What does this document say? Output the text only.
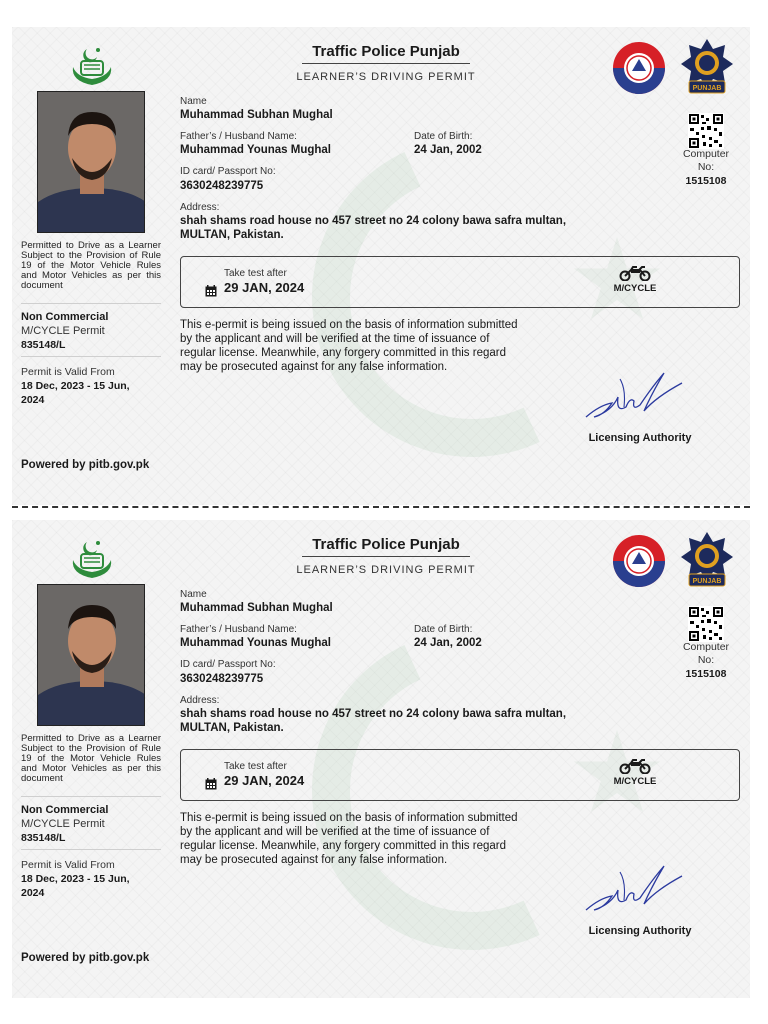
Traffic Police Punjab
LEARNER’S DRIVING PERMIT
PUNJAB
Name
Muhammad Subhan Mughal
Father’s / Husband Name:
Muhammad Younas Mughal
Date of Birth:
24 Jan, 2002
ID card/ Passport No:
3630248239775
Address:
shah shams road house no 457 street no 24 colony bawa safra multan,
MULTAN, Pakistan.
Computer
No:
1515108
Permitted to Drive as a Learner Subject to the Provision of Rule 19 of the Motor Vehicle Rules and Motor Vehicles as per this document
Non Commercial
M/CYCLE Permit
835148/L
Permit is Valid From
18 Dec, 2023 - 15 Jun,
2024
Take test after
29 JAN, 2024	M/CYCLE
This e-permit is being issued on the basis of information submitted by the applicant and will be verified at the time of issuance of regular license. Meanwhile, any forgery committed in this regard may be prosecuted against for any false information.
Licensing Authority
Powered by pitb.gov.pk
Traffic Police Punjab
LEARNER’S DRIVING PERMIT
PUNJAB
Name
Muhammad Subhan Mughal
Father’s / Husband Name:
Muhammad Younas Mughal
Date of Birth:
24 Jan, 2002
ID card/ Passport No:
3630248239775
Address:
shah shams road house no 457 street no 24 colony bawa safra multan,
MULTAN, Pakistan.
Computer
No:
1515108
Permitted to Drive as a Learner Subject to the Provision of Rule 19 of the Motor Vehicle Rules and Motor Vehicles as per this document
Non Commercial
M/CYCLE Permit
835148/L
Permit is Valid From
18 Dec, 2023 - 15 Jun,
2024
Take test after
29 JAN, 2024	M/CYCLE
This e-permit is being issued on the basis of information submitted by the applicant and will be verified at the time of issuance of regular license. Meanwhile, any forgery committed in this regard may be prosecuted against for any false information.
Licensing Authority
Powered by pitb.gov.pk
